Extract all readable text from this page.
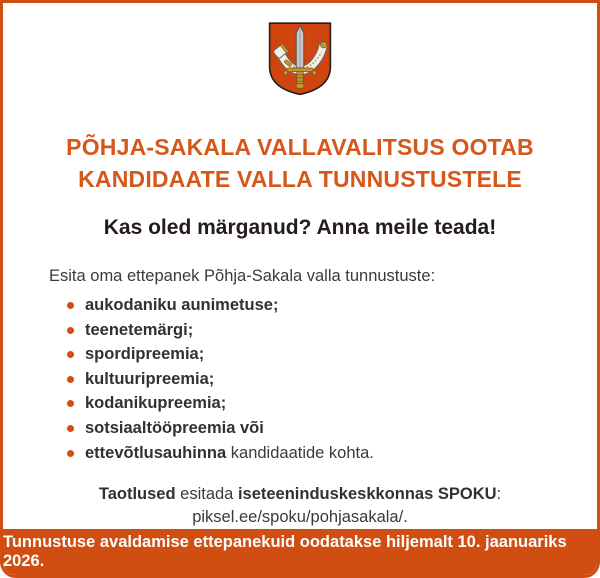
PÕHJA-SAKALA VALLAVALITSUS OOTAB
KANDIDAATE VALLA TUNNUSTUSTELE
Kas oled märganud? Anna meile teada!

Esita oma ettepanek Põhja-Sakala valla tunnustuste:

aukodaniku aunimetuse;
teenetemärgi;
spordipreemia;
kultuuripreemia;
kodanikupreemia;
sotsiaaltööpreemia või
ettevõtlusauhinna kandidaatide kohta.

Taotlused esitada iseteeninduskeskkonnas SPOKU:

piksel.ee/spoku/pohjasakala/.

Tunnustuse avaldamise ettepanekuid oodatakse hiljemalt 10. jaanuariks 2026.
